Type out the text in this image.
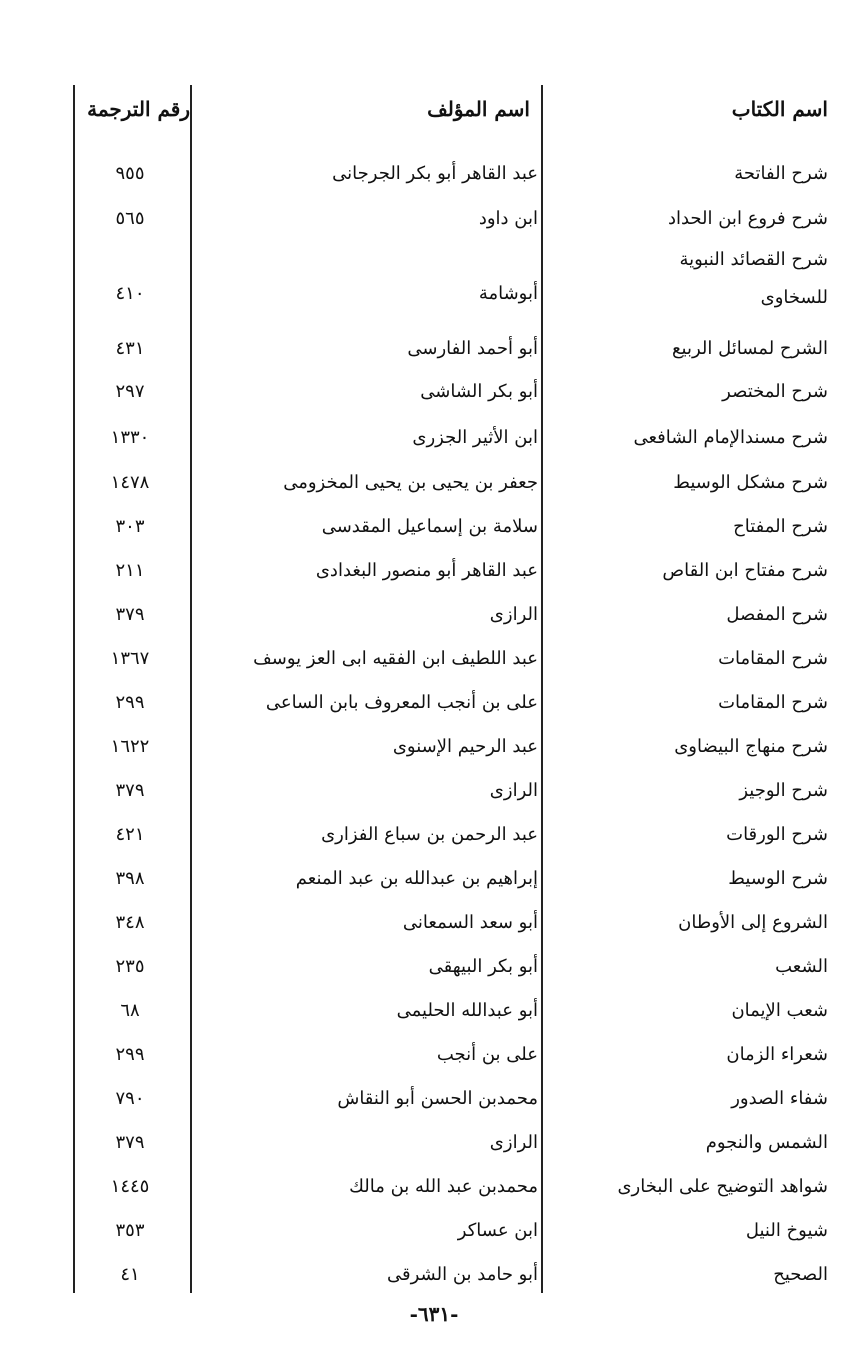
اسم الكتاب
اسم المؤلف
رقم الترجمة
شرح الفاتحة
عبد القاهر أبو بكر الجرجانى
٩٥٥
شرح فروع ابن الحداد
ابن داود
٥٦٥
شرح القصائد النبوية
للسخاوى
أبوشامة
٤١٠
الشرح لمسائل الربيع
أبو أحمد الفارسى
٤٣١
شرح المختصر
أبو بكر الشاشى
٢٩٧
شرح مسندالإمام الشافعى
ابن الأثير الجزرى
١٣٣٠
شرح مشكل الوسيط
جعفر بن يحيى بن يحيى المخزومى
١٤٧٨
شرح المفتاح
سلامة بن إسماعيل المقدسى
٣٠٣
شرح مفتاح ابن القاص
عبد القاهر أبو منصور البغدادى
٢١١
شرح المفصل
الرازى
٣٧٩
شرح المقامات
عبد اللطيف ابن الفقيه ابى العز يوسف
١٣٦٧
شرح المقامات
على بن أنجب المعروف بابن الساعى
٢٩٩
شرح منهاج البيضاوى
عبد الرحيم الإسنوى
١٦٢٢
شرح الوجيز
الرازى
٣٧٩
شرح الورقات
عبد الرحمن بن سباع الفزارى
٤٢١
شرح الوسيط
إبراهيم بن عبدالله بن عبد المنعم
٣٩٨
الشروع إلى الأوطان
أبو سعد السمعانى
٣٤٨
الشعب
أبو بكر البيهقى
٢٣٥
شعب الإيمان
أبو عبدالله الحليمى
٦٨
شعراء الزمان
على بن أنجب
٢٩٩
شفاء الصدور
محمدبن الحسن أبو النقاش
٧٩٠
الشمس والنجوم
الرازى
٣٧٩
شواهد التوضيح على البخارى
محمدبن عبد الله بن مالك
١٤٤٥
شيوخ النيل
ابن عساكر
٣٥٣
الصحيح
أبو حامد بن الشرقى
٤١
-٦٣١-
